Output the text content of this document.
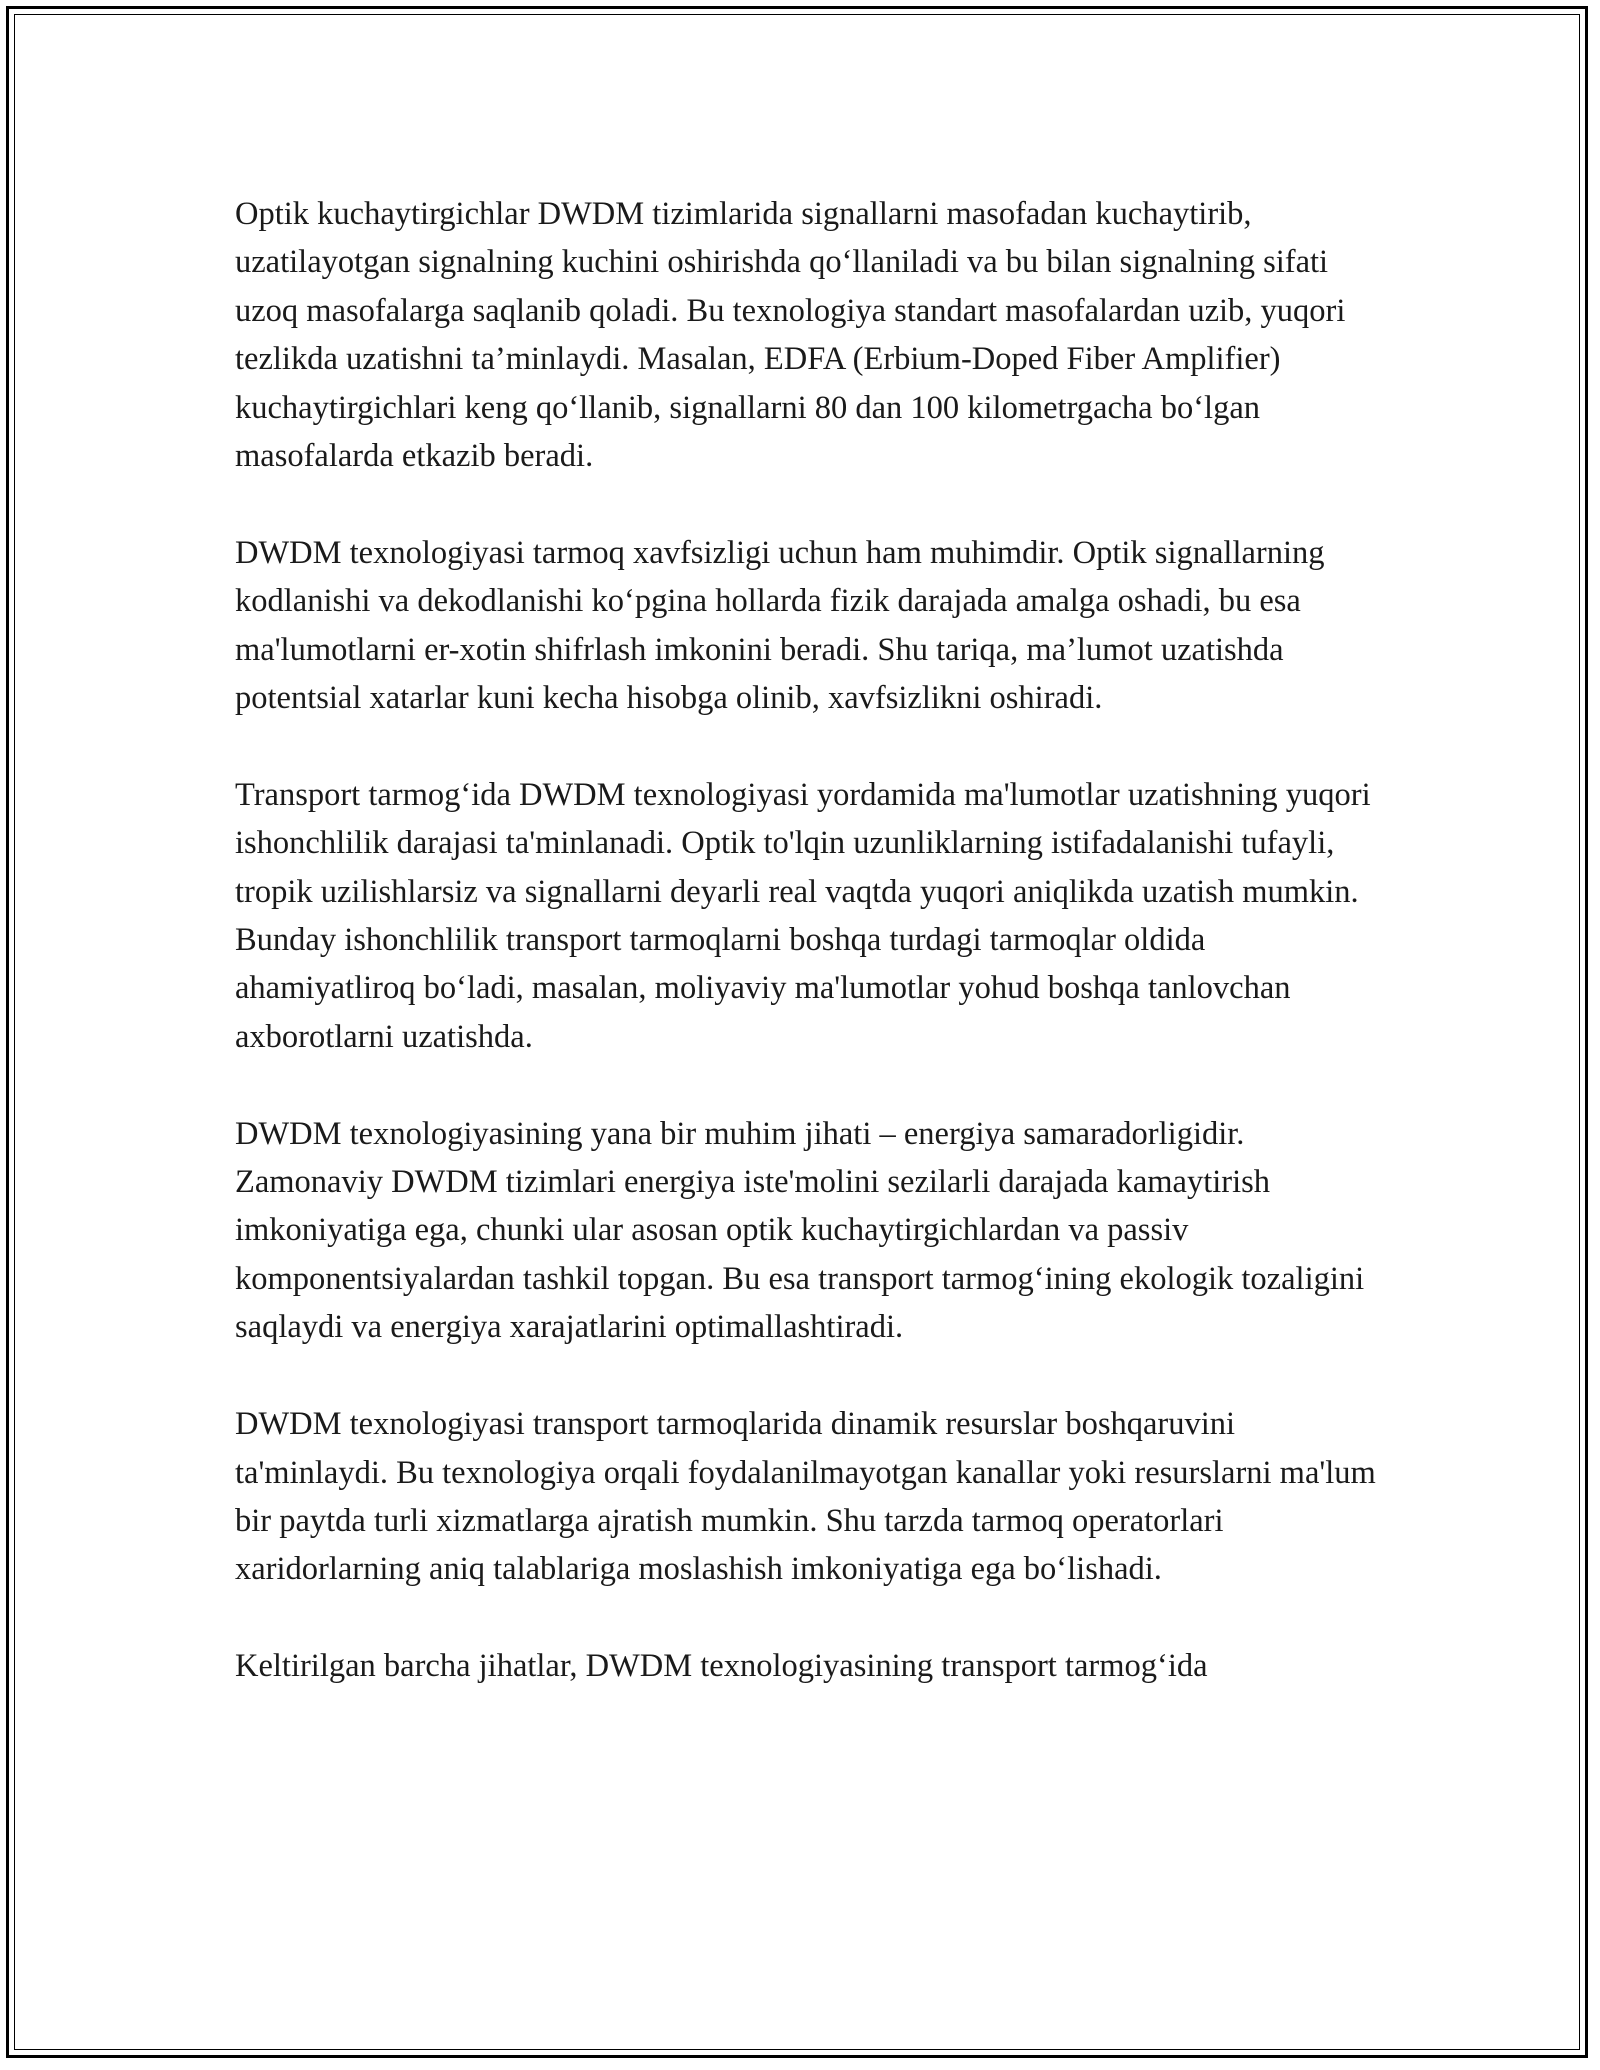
Optik kuchaytirgichlar DWDM tizimlarida signallarni masofadan kuchaytirib, uzatilayotgan signalning kuchini oshirishda qo‘llaniladi va bu bilan signalning sifati uzoq masofalarga saqlanib qoladi. Bu texnologiya standart masofalardan uzib, yuqori tezlikda uzatishni ta’minlaydi. Masalan, EDFA (Erbium-Doped Fiber Amplifier) kuchaytirgichlari keng qo‘llanib, signallarni 80 dan 100 kilometrgacha bo‘lgan masofalarda etkazib beradi.

DWDM texnologiyasi tarmoq xavfsizligi uchun ham muhimdir. Optik signallarning kodlanishi va dekodlanishi ko‘pgina hollarda fizik darajada amalga oshadi, bu esa ma'lumotlarni er-xotin shifrlash imkonini beradi. Shu tariqa, ma’lumot uzatishda potentsial xatarlar kuni kecha hisobga olinib, xavfsizlikni oshiradi.

Transport tarmog‘ida DWDM texnologiyasi yordamida ma'lumotlar uzatishning yuqori ishonchlilik darajasi ta'minlanadi. Optik to'lqin uzunliklarning istifadalanishi tufayli, tropik uzilishlarsiz va signallarni deyarli real vaqtda yuqori aniqlikda uzatish mumkin. Bunday ishonchlilik transport tarmoqlarni boshqa turdagi tarmoqlar oldida ahamiyatliroq bo‘ladi, masalan, moliyaviy ma'lumotlar yohud boshqa tanlovchan axborotlarni uzatishda.

DWDM texnologiyasining yana bir muhim jihati – energiya samaradorligidir. Zamonaviy DWDM tizimlari energiya iste'molini sezilarli darajada kamaytirish imkoniyatiga ega, chunki ular asosan optik kuchaytirgichlardan va passiv komponentsiyalardan tashkil topgan. Bu esa transport tarmog‘ining ekologik tozaligini saqlaydi va energiya xarajatlarini optimallashtiradi.

DWDM texnologiyasi transport tarmoqlarida dinamik resurslar boshqaruvini ta'minlaydi. Bu texnologiya orqali foydalanilmayotgan kanallar yoki resurslarni ma'lum bir paytda turli xizmatlarga ajratish mumkin. Shu tarzda tarmoq operatorlari xaridorlarning aniq talablariga moslashish imkoniyatiga ega bo‘lishadi.

Keltirilgan barcha jihatlar, DWDM texnologiyasining transport tarmog‘ida
